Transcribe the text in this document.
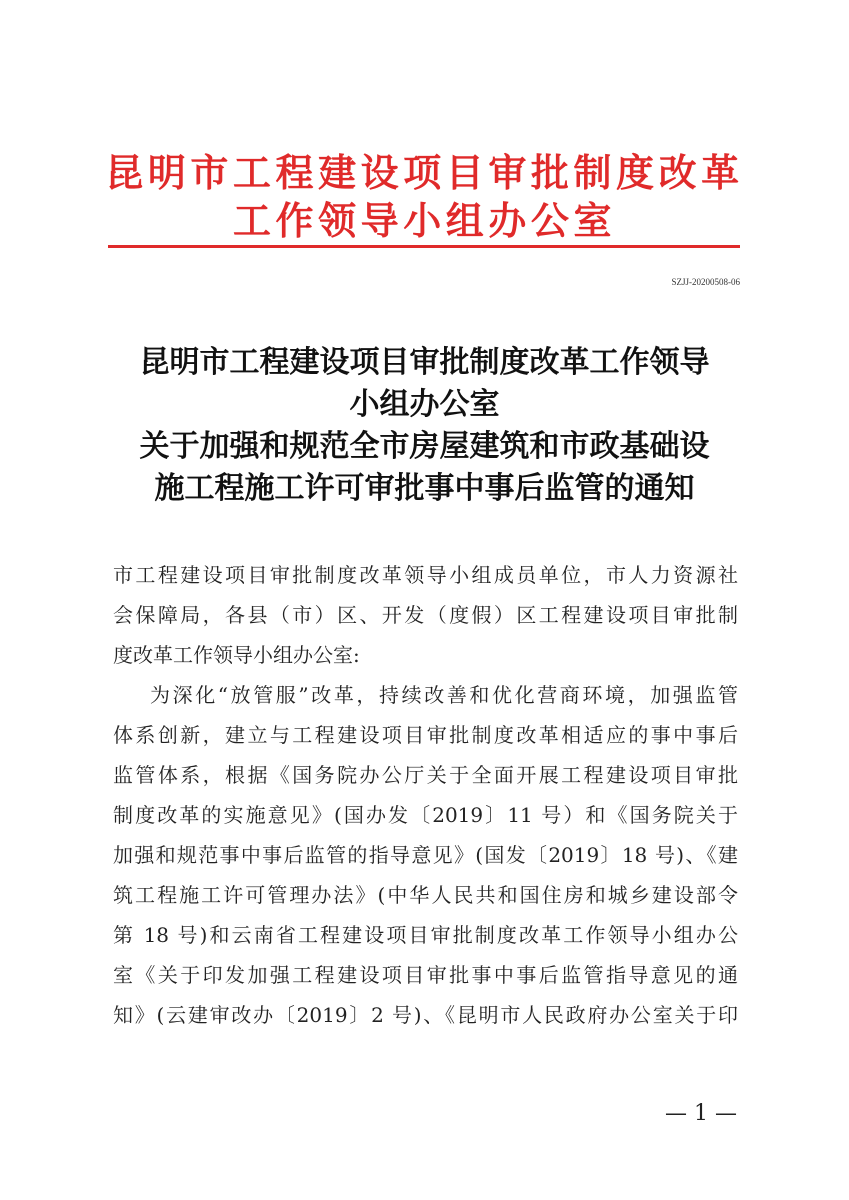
昆明市工程建设项目审批制度改革
工作领导小组办公室
SZJJ-20200508-06
昆明市工程建设项目审批制度改革工作领导
小组办公室
关于加强和规范全市房屋建筑和市政基础设
施工程施工许可审批事中事后监管的通知
市工程建设项目审批制度改革领导小组成员单位，市人力资源社
会保障局，各县（市）区、开发（度假）区工程建设项目审批制
度改革工作领导小组办公室:
为深化“放管服”改革，持续改善和优化营商环境，加强监管
体系创新，建立与工程建设项目审批制度改革相适应的事中事后
监管体系，根据《国务院办公厅关于全面开展工程建设项目审批
制度改革的实施意见》(国办发〔2019〕11 号）和《国务院关于
加强和规范事中事后监管的指导意见》(国发〔2019〕18 号)、《建
筑工程施工许可管理办法》(中华人民共和国住房和城乡建设部令
第 18 号)和云南省工程建设项目审批制度改革工作领导小组办公
室《关于印发加强工程建设项目审批事中事后监管指导意见的通
知》(云建审改办〔2019〕2 号)、《昆明市人民政府办公室关于印
— 1 —
